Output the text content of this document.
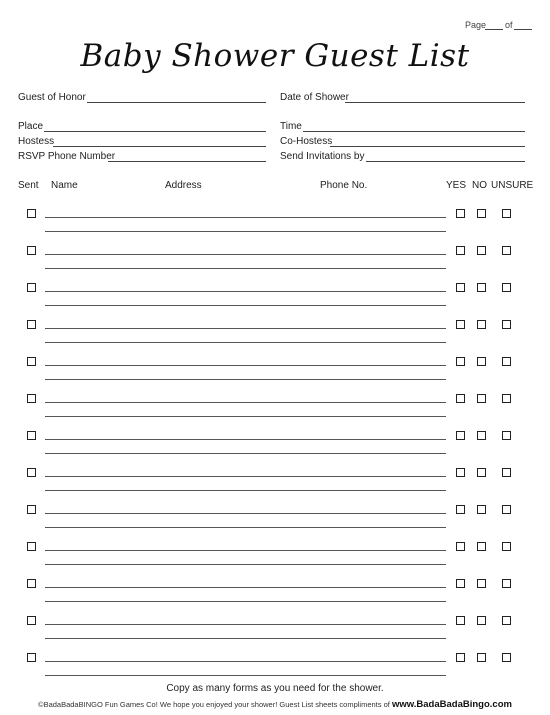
Page of
Baby Shower Guest List
Guest of Honor
Place
Hostess
RSVP Phone Number
Date of Shower
Time
Co-Hostess
Send Invitations by
Sent Name	Address	Phone No.	YES NO UNSURE
Copy as many forms as you need for the shower.
©BadaBadaBINGO Fun Games Co! We hope you enjoyed your shower! Guest List sheets compliments of www.BadaBadaBingo.com
